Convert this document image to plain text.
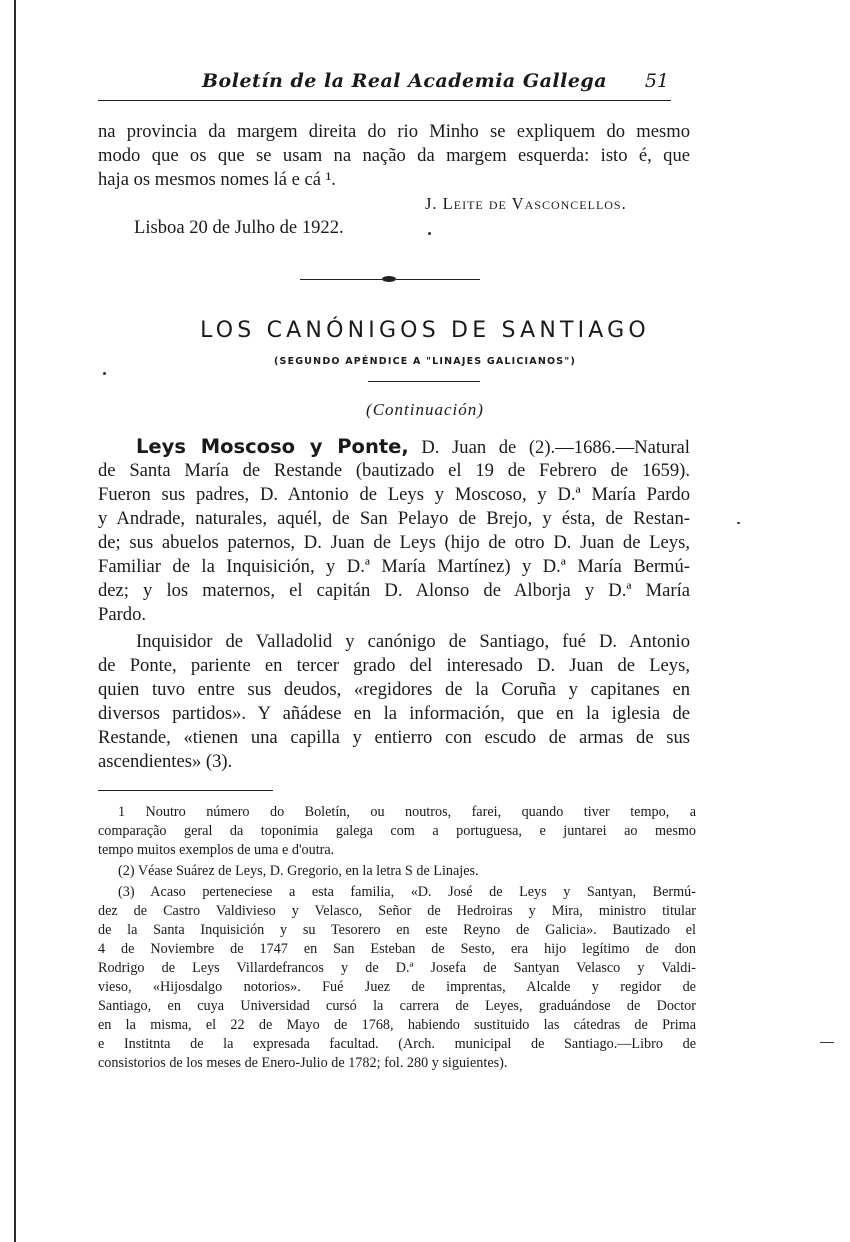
Boletín de la Real Academia Gallega 51
na provincia da margem direita do rio Minho se expliquem do mesmo
modo que os que se usam na nação da margem esquerda: isto é, que
haja os mesmos nomes lá e cá ¹.
J. Leite de Vasconcellos.
Lisboa 20 de Julho de 1922.
LOS CANÓNIGOS DE SANTIAGO
(SEGUNDO APÉNDICE A "LINAJES GALICIANOS")
(Continuación)
Leys Moscoso y Ponte, D. Juan de (2).—1686.—Natural
de Santa María de Restande (bautizado el 19 de Febrero de 1659).
Fueron sus padres, D. Antonio de Leys y Moscoso, y D.ª María Pardo
y Andrade, naturales, aquél, de San Pelayo de Brejo, y ésta, de Restan-
de; sus abuelos paternos, D. Juan de Leys (hijo de otro D. Juan de Leys,
Familiar de la Inquisición, y D.ª María Martínez) y D.ª María Bermú-
dez; y los maternos, el capitán D. Alonso de Alborja y D.ª María
Pardo.
Inquisidor de Valladolid y canónigo de Santiago, fué D. Antonio
de Ponte, pariente en tercer grado del interesado D. Juan de Leys,
quien tuvo entre sus deudos, «regidores de la Coruña y capitanes en
diversos partidos». Y añádese en la información, que en la iglesia de
Restande, «tienen una capilla y entierro con escudo de armas de sus
ascendientes» (3).
1 Noutro número do Boletín, ou noutros, farei, quando tiver tempo, a
comparação geral da toponimia galega com a portuguesa, e juntarei ao mesmo
tempo muitos exemplos de uma e d'outra.
(2) Véase Suárez de Leys, D. Gregorio, en la letra S de Linajes.
(3) Acaso perteneciese a esta familia, «D. José de Leys y Santyan, Bermú-
dez de Castro Valdivieso y Velasco, Señor de Hedroiras y Mira, ministro titular
de la Santa Inquisición y su Tesorero en este Reyno de Galicia». Bautizado el
4 de Noviembre de 1747 en San Esteban de Sesto, era hijo legítimo de don
Rodrigo de Leys Villardefrancos y de D.ª Josefa de Santyan Velasco y Valdi-
vieso, «Hijosdalgo notorios». Fué Juez de imprentas, Alcalde y regidor de
Santiago, en cuya Universidad cursó la carrera de Leyes, graduándose de Doctor
en la misma, el 22 de Mayo de 1768, habiendo sustituido las cátedras de Prima
e Institnta de la expresada facultad. (Arch. municipal de Santiago.—Libro de
consistorios de los meses de Enero-Julio de 1782; fol. 280 y siguientes).
